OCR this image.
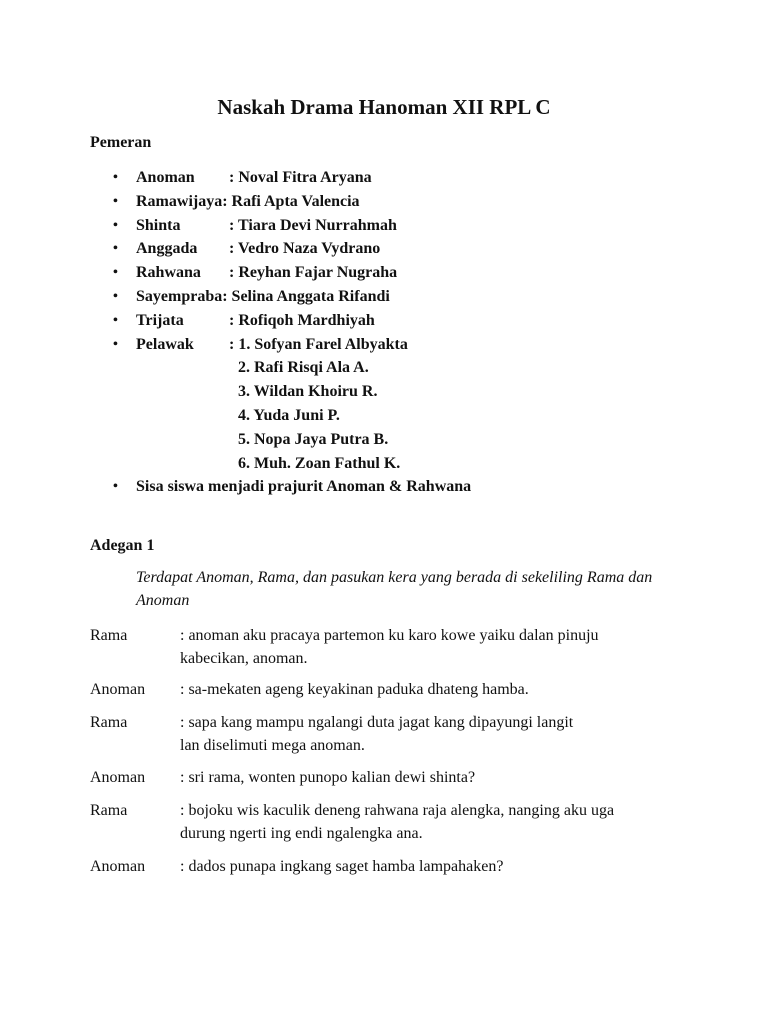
Naskah Drama Hanoman XII RPL C
Pemeran
•	Anoman : Noval Fitra Aryana
•	Ramawijaya: Rafi Apta Valencia
•	Shinta	: Tiara Devi Nurrahmah
•	Anggada : Vedro Naza Vydrano
•	Rahwana : Reyhan Fajar Nugraha
•	Sayempraba: Selina Anggata Rifandi
•	Trijata	: Rofiqoh Mardhiyah
•	Pelawak : 1. Sofyan Farel Albyakta
2. Rafi Risqi Ala A.
3. Wildan Khoiru R.
4. Yuda Juni P.
5. Nopa Jaya Putra B.
6. Muh. Zoan Fathul K.
•	Sisa siswa menjadi prajurit Anoman & Rahwana
Adegan 1

Terdapat Anoman, Rama, dan pasukan kera yang berada di sekeliling Rama dan Anoman

Rama	: anoman aku pracaya partemon ku karo kowe yaiku dalan pinuju
kabecikan, anoman.
Anoman : sa-mekaten ageng keyakinan paduka dhateng hamba.
Rama	: sapa kang mampu ngalangi duta jagat kang dipayungi langit
lan diselimuti mega anoman.
Anoman : sri rama, wonten punopo kalian dewi shinta?
Rama	: bojoku wis kaculik deneng rahwana raja alengka, nanging aku uga
durung ngerti ing endi ngalengka ana.
Anoman : dados punapa ingkang saget hamba lampahaken?
